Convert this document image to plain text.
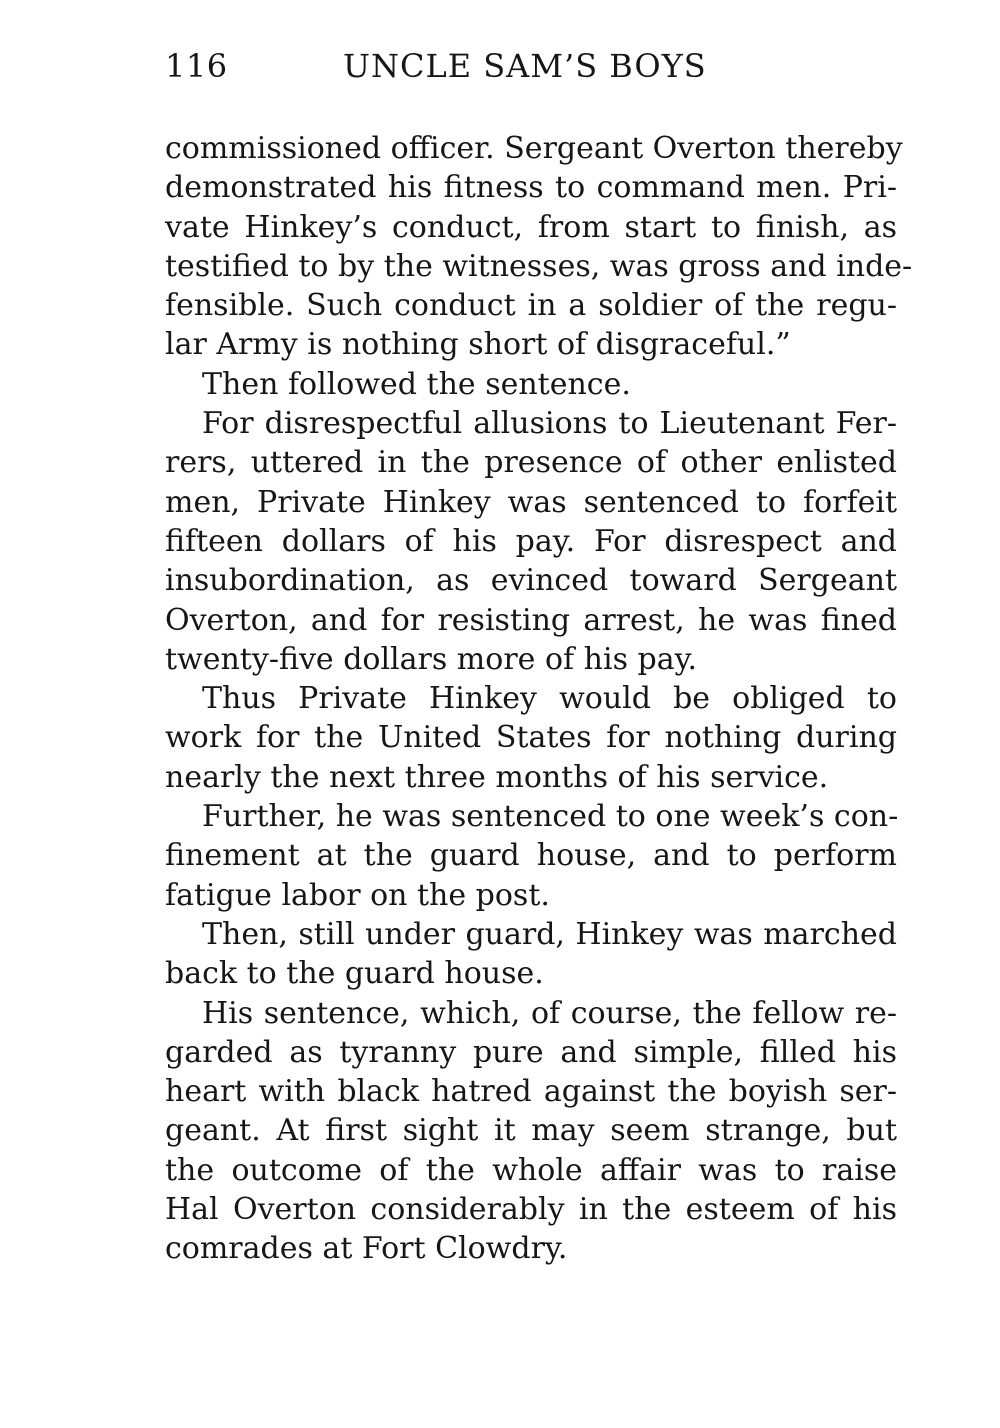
116	UNCLE SAM’S BOYS
commissioned officer. Sergeant Overton thereby
demonstrated his fitness to command men. Pri-
vate Hinkey’s conduct, from start to finish, as
testified to by the witnesses, was gross and inde-
fensible. Such conduct in a soldier of the regu-
lar Army is nothing short of disgraceful.”
Then followed the sentence.
For disrespectful allusions to Lieutenant Fer-
rers, uttered in the presence of other enlisted
men, Private Hinkey was sentenced to forfeit
fifteen dollars of his pay. For disrespect and
insubordination, as evinced toward Sergeant
Overton, and for resisting arrest, he was fined
twenty-five dollars more of his pay.
Thus Private Hinkey would be obliged to
work for the United States for nothing during
nearly the next three months of his service.
Further, he was sentenced to one week’s con-
finement at the guard house, and to perform
fatigue labor on the post.
Then, still under guard, Hinkey was marched
back to the guard house.
His sentence, which, of course, the fellow re-
garded as tyranny pure and simple, filled his
heart with black hatred against the boyish ser-
geant. At first sight it may seem strange, but
the outcome of the whole affair was to raise
Hal Overton considerably in the esteem of his
comrades at Fort Clowdry.
